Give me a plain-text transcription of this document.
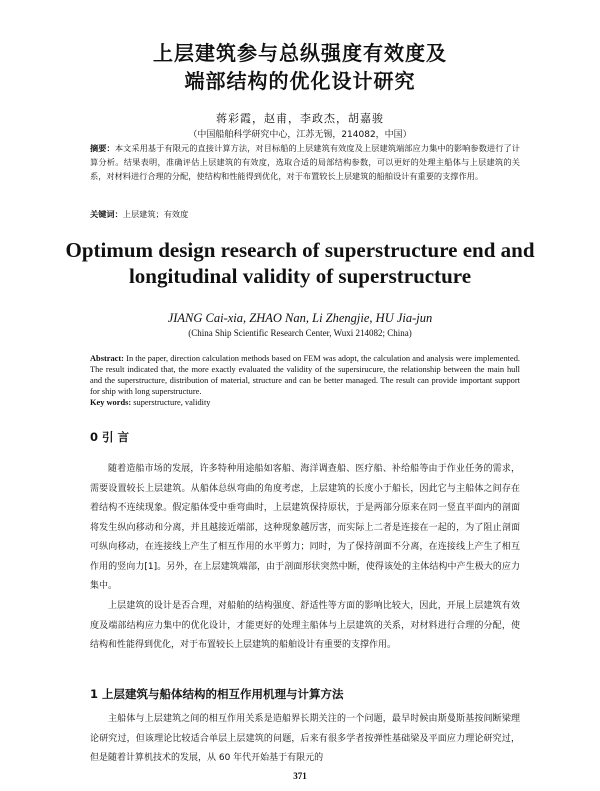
上层建筑参与总纵强度有效度及
端部结构的优化设计研究
蒋彩霞，赵甫，李政杰，胡嘉骏
（中国船舶科学研究中心，江苏无锡，214082，中国）
摘要：本文采用基于有限元的直接计算方法，对目标船的上层建筑有效度及上层建筑端部应力集中的影响参数进行了计算分析。结果表明，准确评估上层建筑的有效度，选取合适的局部结构参数，可以更好的处理主船体与上层建筑的关系，对材料进行合理的分配，使结构和性能得到优化，对于布置较长上层建筑的船舶设计有重要的支撑作用。
关键词：上层建筑；有效度
Optimum design research of superstructure end and
longitudinal validity of superstructure
JIANG Cai-xia, ZHAO Nan, Li Zhengjie, HU Jia-jun
(China Ship Scientific Research Center, Wuxi 214082; China)
Abstract: In the paper, direction calculation methods based on FEM was adopt, the calculation and analysis were implemented. The result indicated that, the more exactly evaluated the validity of the supersirucure, the relationship between the main hull and the superstructure, distribution of material, structure and can be better managed. The result can provide important support for ship with long superstructure.
Key words: superstructure, validity
0 引 言
随着造船市场的发展，许多特种用途船如客船、海洋调查船、医疗船、补给船等由于作业任务的需求，需要设置较长上层建筑。从船体总纵弯曲的角度考虑，上层建筑的长度小于船长，因此它与主船体之间存在着结构不连续现象。假定船体受中垂弯曲时，上层建筑保持原状，于是两部分原来在同一竖直平面内的剖面将发生纵向移动和分离，并且越接近端部，这种现象越厉害，而实际上二者是连接在一起的，为了阻止剖面可纵向移动，在连接线上产生了相互作用的水平剪力；同时，为了保持剖面不分离，在连接线上产生了相互作用的竖向力[1]。另外，在上层建筑端部，由于剖面形状突然中断，使得该处的主体结构中产生极大的应力集中。
上层建筑的设计是否合理，对船舶的结构强度、舒适性等方面的影响比较大，因此，开展上层建筑有效度及端部结构应力集中的优化设计，才能更好的处理主船体与上层建筑的关系，对材料进行合理的分配，使结构和性能得到优化，对于布置较长上层建筑的船舶设计有重要的支撑作用。
1 上层建筑与船体结构的相互作用机理与计算方法
主船体与上层建筑之间的相互作用关系是造船界长期关注的一个问题，最早时候由斯曼斯基按间断梁理论研究过，但该理论比较适合单层上层建筑的问题，后来有很多学者按弹性基础梁及平面应力理论研究过，但是随着计算机技术的发展，从 60 年代开始基于有限元的
371
